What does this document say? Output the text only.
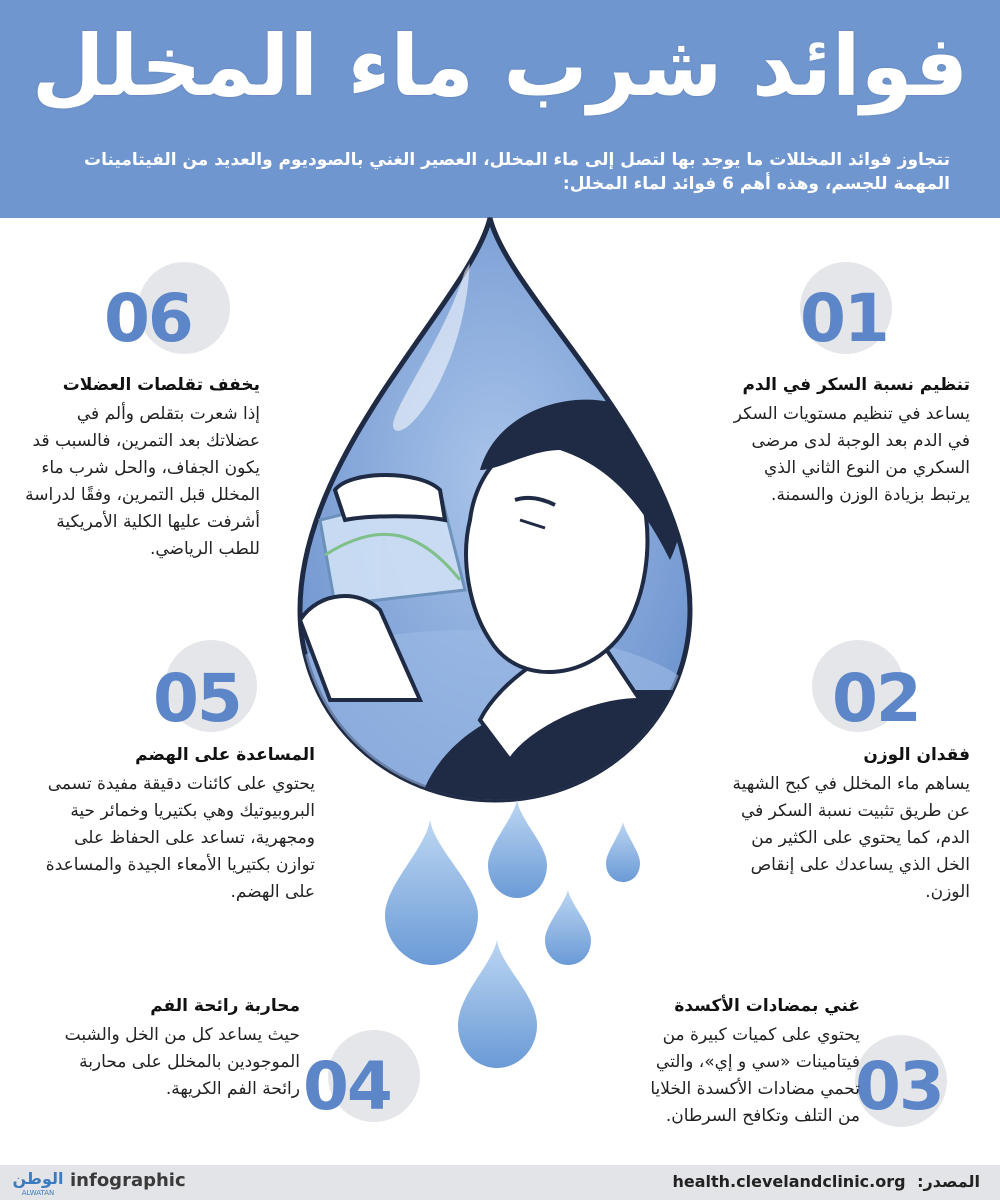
فوائد شرب ماء المخلل
تتجاوز فوائد المخللات ما يوجد بها لتصل إلى ماء المخلل، العصير الغني بالصوديوم والعديد من الفيتامينات المهمة للجسم، وهذه أهم 6 فوائد لماء المخلل:
06	01
05	02
04	03
تنظيم نسبة السكر في الدم

يساعد في تنظيم مستويات السكر في الدم بعد الوجبة لدى مرضى السكري من النوع الثاني الذي يرتبط بزيادة الوزن والسمنة.

فقدان الوزن

يساهم ماء المخلل في كبح الشهية عن طريق تثبيت نسبة السكر في الدم، كما يحتوي على الكثير من الخل الذي يساعدك على إنقاص الوزن.

غني بمضادات الأكسدة

يحتوي على كميات كبيرة من فيتامينات «سي و إي»، والتي تحمي مضادات الأكسدة الخلايا من التلف وتكافح السرطان.

محاربة رائحة الفم

حيث يساعد كل من الخل والشبت الموجودين بالمخلل على محاربة رائحة الفم الكريهة.

المساعدة على الهضم

يحتوي على كائنات دقيقة مفيدة تسمى البروبيوتيك وهي بكتيريا وخمائر حية ومجهرية، تساعد على الحفاظ على توازن بكتيريا الأمعاء الجيدة والمساعدة على الهضم.

يخفف تقلصات العضلات

إذا شعرت بتقلص وألم في عضلاتك بعد التمرين، فالسبب قد يكون الجفاف، والحل شرب ماء المخلل قبل التمرين، وفقًا لدراسة أشرفت عليها الكلية الأمريكية للطب الرياضي.

المصدر: health.clevelandclinic.org
الوطن
ALWATAN
infographic
